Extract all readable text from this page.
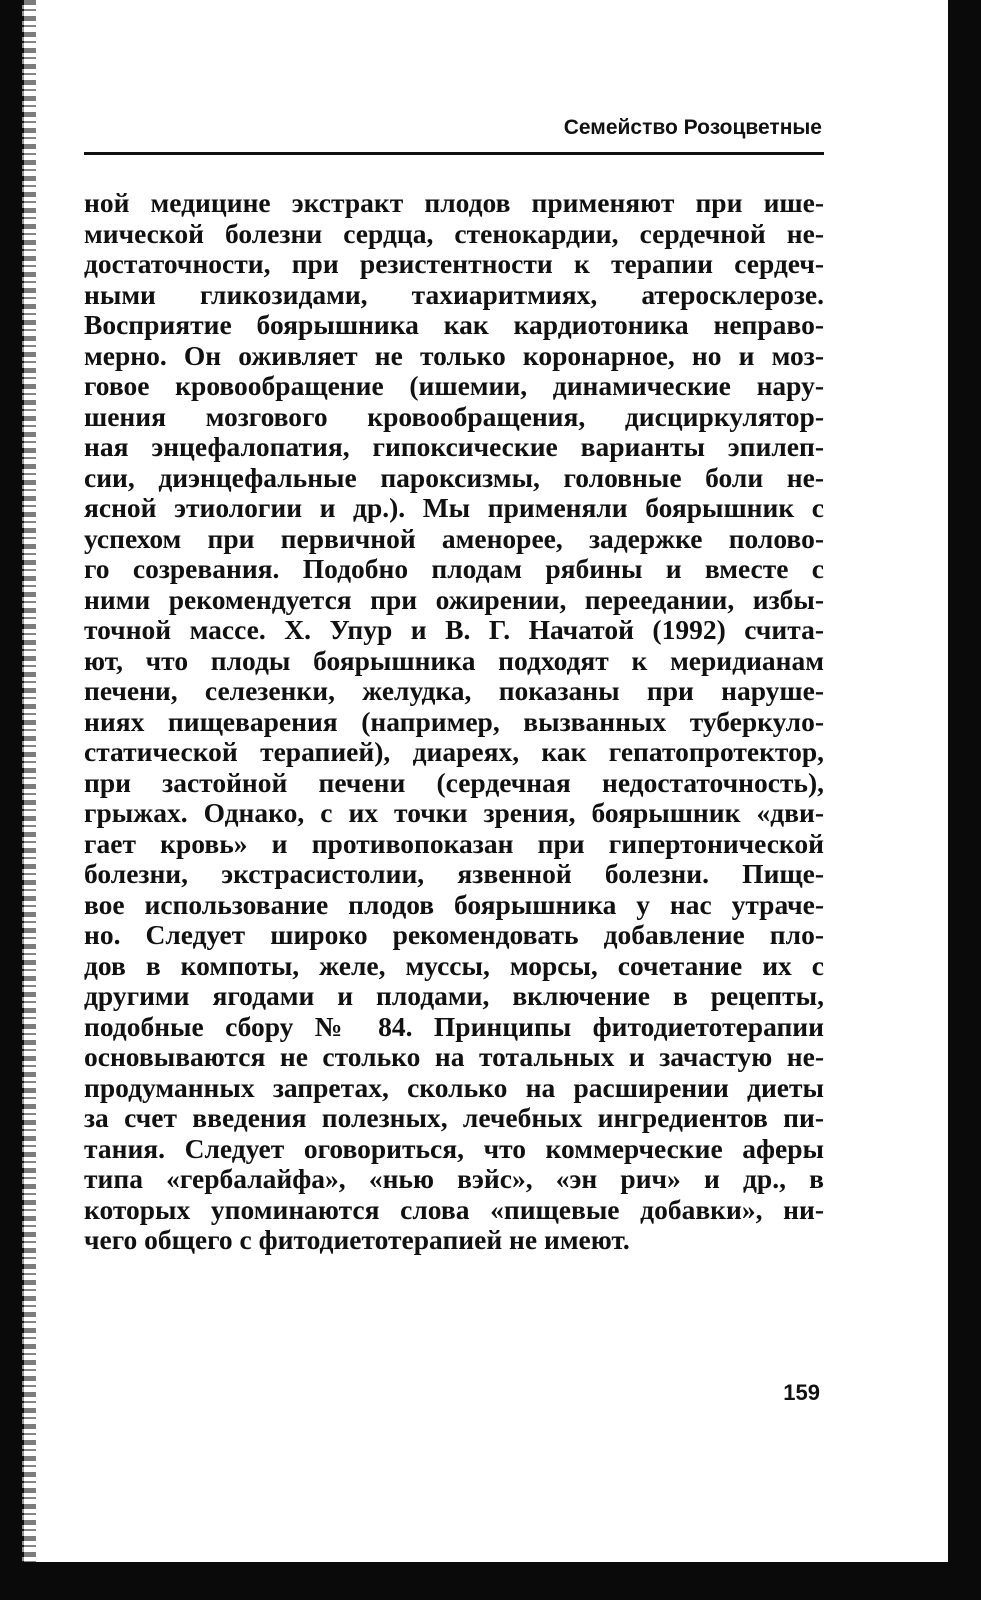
Семейство Розоцветные
ной медицине экстракт плодов применяют при ише-
мической болезни сердца, стенокардии, сердечной не-
достаточности, при резистентности к терапии сердеч-
ными гликозидами, тахиаритмиях, атеросклерозе.
Восприятие боярышника как кардиотоника неправо-
мерно. Он оживляет не только коронарное, но и моз-
говое кровообращение (ишемии, динамические нару-
шения мозгового кровообращения, дисциркулятор-
ная энцефалопатия, гипоксические варианты эпилеп-
сии, диэнцефальные пароксизмы, головные боли не-
ясной этиологии и др.). Мы применяли боярышник с
успехом при первичной аменорее, задержке полово-
го созревания. Подобно плодам рябины и вместе с
ними рекомендуется при ожирении, переедании, избы-
точной массе. Х. Упур и В. Г. Начатой (1992) счита-
ют, что плоды боярышника подходят к меридианам
печени, селезенки, желудка, показаны при наруше-
ниях пищеварения (например, вызванных туберкуло-
статической терапией), диареях, как гепатопротектор,
при застойной печени (сердечная недостаточность),
грыжах. Однако, с их точки зрения, боярышник «дви-
гает кровь» и противопоказан при гипертонической
болезни, экстрасистолии, язвенной болезни. Пище-
вое использование плодов боярышника у нас утраче-
но. Следует широко рекомендовать добавление пло-
дов в компоты, желе, муссы, морсы, сочетание их с
другими ягодами и плодами, включение в рецепты,
подобные сбору № 84. Принципы фитодиетотерапии
основываются не столько на тотальных и зачастую не-
продуманных запретах, сколько на расширении диеты
за счет введения полезных, лечебных ингредиентов пи-
тания. Следует оговориться, что коммерческие аферы
типа «гербалайфа», «нью вэйс», «эн рич» и др., в
которых упоминаются слова «пищевые добавки», ни-
чего общего с фитодиетотерапией не имеют.
159
